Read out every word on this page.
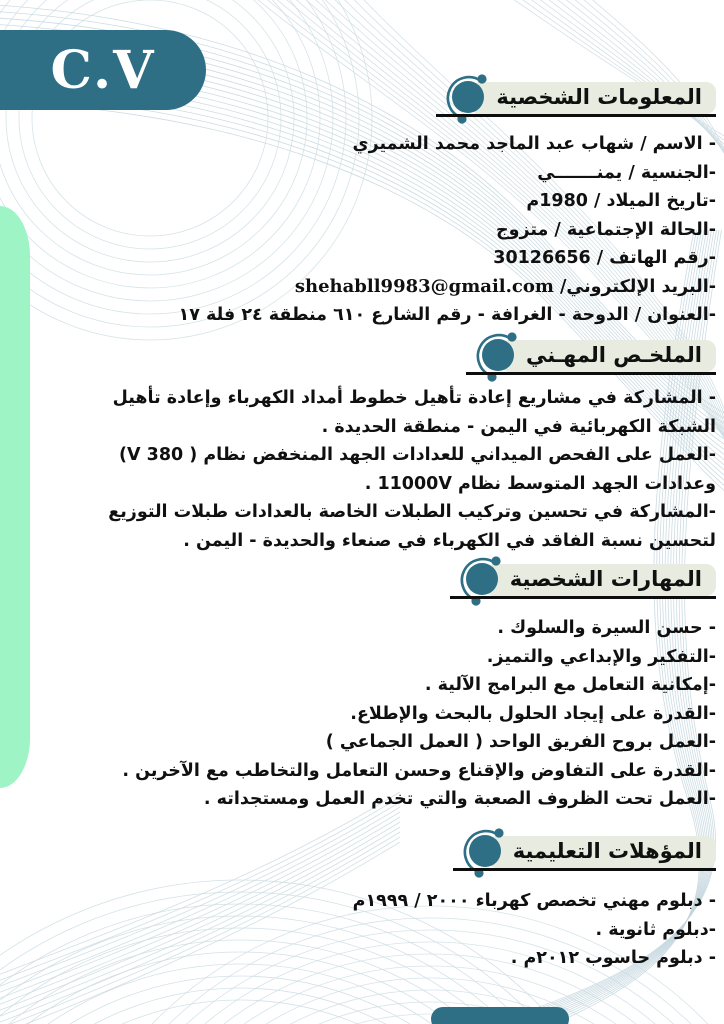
C.V	المعلومات الشخصية
- الاسم / شهاب عبد الماجد محمد الشميري
-الجنسية / يمنـــــــي
-تاريخ الميلاد / 1980م
-الحالة الإجتماعية / متزوج
-رقم الهاتف / 30126656
-البريد الإلكتروني/ shehabll9983@gmail.com
-العنوان / الدوحة - الغرافة - رقم الشارع ٦١٠ منطقة ٢٤ فلة ١٧
الملخـص المهـني
- المشاركة في مشاريع إعادة تأهيل خطوط أمداد الكهرباء وإعادة تأهيل
الشبكة الكهربائية في اليمن - منطقة الحديدة .
-العمل على الفحص الميداني للعدادات الجهد المنخفض نظام ( 380 V)
وعدادات الجهد المتوسط نظام 11000V .
-المشاركة في تحسين وتركيب الطبلات الخاصة بالعدادات طبلات التوزيع
لتحسين نسبة الفاقد في الكهرباء في صنعاء والحديدة - اليمن .
المهارات الشخصية
- حسن السيرة والسلوك .
-التفكير والإبداعي والتميز.
-إمكانية التعامل مع البرامج الآلية .
-القدرة على إيجاد الحلول بالبحث والإطلاع.
-العمل بروح الفريق الواحد ( العمل الجماعي )
-القدرة على التفاوض والإقناع وحسن التعامل والتخاطب مع الآخرين .
-العمل تحت الظروف الصعبة والتي تخدم العمل ومستجداته .
المؤهلات التعليمية
- دبلوم مهني تخصص كهرباء ٢٠٠٠ / ١٩٩٩م
-دبلوم ثانوية .
- دبلوم حاسوب ٢٠١٢م .
